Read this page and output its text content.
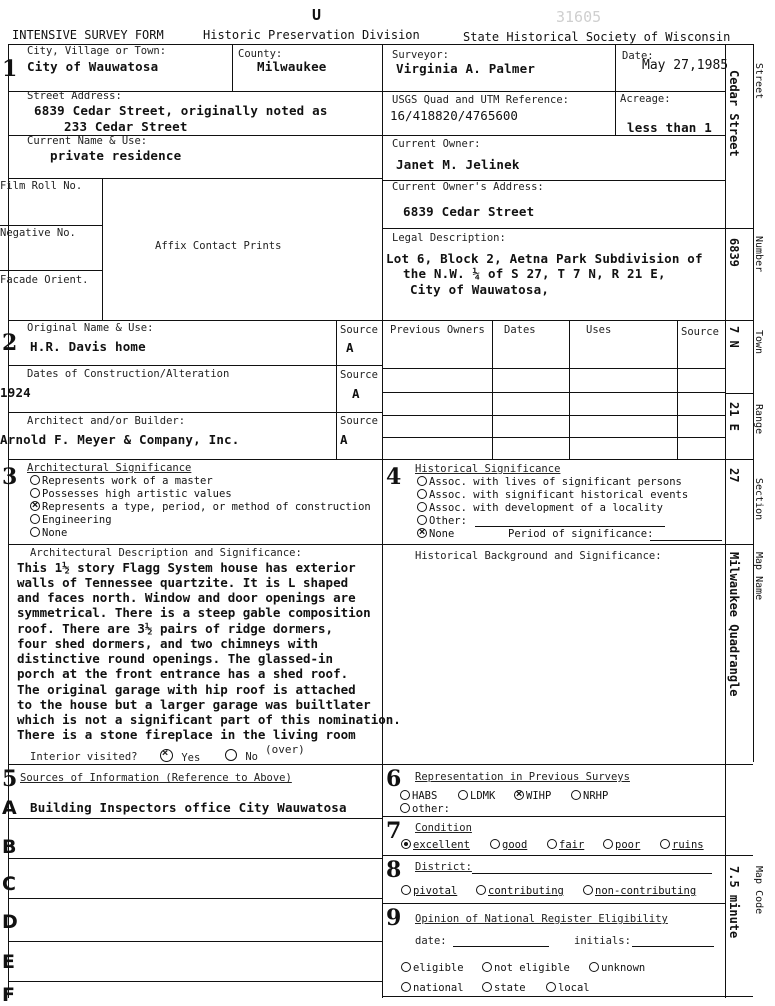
U	31605
INTENSIVE SURVEY FORM	Historic Preservation Division	State Historical Society of Wisconsin
1
2
3	4
5	6
7
8
9
City, Village or Town:
City of Wauwatosa
County:
Milwaukee
Surveyor:
Virginia A. Palmer
Date:
May 27,1985
Street Address:
6839 Cedar Street, originally noted as
233 Cedar Street
USGS Quad and UTM Reference:
16/418820/4765600
Acreage:
less than 1
Current Name & Use:
private residence
Current Owner:
Janet M. Jelinek
Film Roll No.	Current Owner's Address:
6839 Cedar Street
Negative No.
Affix Contact Prints
Legal Description:
Lot 6, Block 2, Aetna Park Subdivision of
the N.W. ¼ of S 27, T 7 N, R 21 E,
City of Wauwatosa,
Facade Orient.
Original Name & Use:
H.R. Davis home
Source
A
Dates of Construction/Alteration
1924
Source
A
Architect and/or Builder:
Arnold F. Meyer & Company, Inc.
Source
A
Previous Owners Dates	Uses	Source
Architectural Significance
Represents work of a master
Possesses high artistic values
×Represents a type, period, or method of construction
Engineering
None
Historical Significance
Assoc. with lives of significant persons
Assoc. with significant historical events
Assoc. with development of a locality
Other:
×None	Period of significance:
Historical Background and Significance:
Architectural Description and Significance:
This 1½ story Flagg System house has exterior
walls of Tennessee quartzite. It is L shaped
and faces north. Window and door openings are
symmetrical. There is a steep gable composition
roof. There are 3½ pairs of ridge dormers,
four shed dormers, and two chimneys with
distinctive round openings. The glassed-in
porch at the front entrance has a shed roof.
The original garage with hip roof is attached
to the house but a larger garage was builtlater
which is not a significant part of this nomination.
There is a stone fireplace in the living room
Interior visited? ×	Yes	No
(over)
Sources of Information (Reference to Above)
A Building Inspectors office City Wauwatosa
B
C
D
E
F
Representation in Previous Surveys
HABS	LDMK ×	WIHP	NRHP
other:
Condition
excellent	good	fair	poor	ruins
District:
pivotal	contributing	non-contributing
Opinion of National Register Eligibility
date:	initials:
eligible	not eligible	unknown
national	state	local
Street
Cedar Street
Number
6839
Town
7 N
Range
21 E
Section
27
Map Name
Milwaukee Quadrangle
Map Code
7.5 minute
